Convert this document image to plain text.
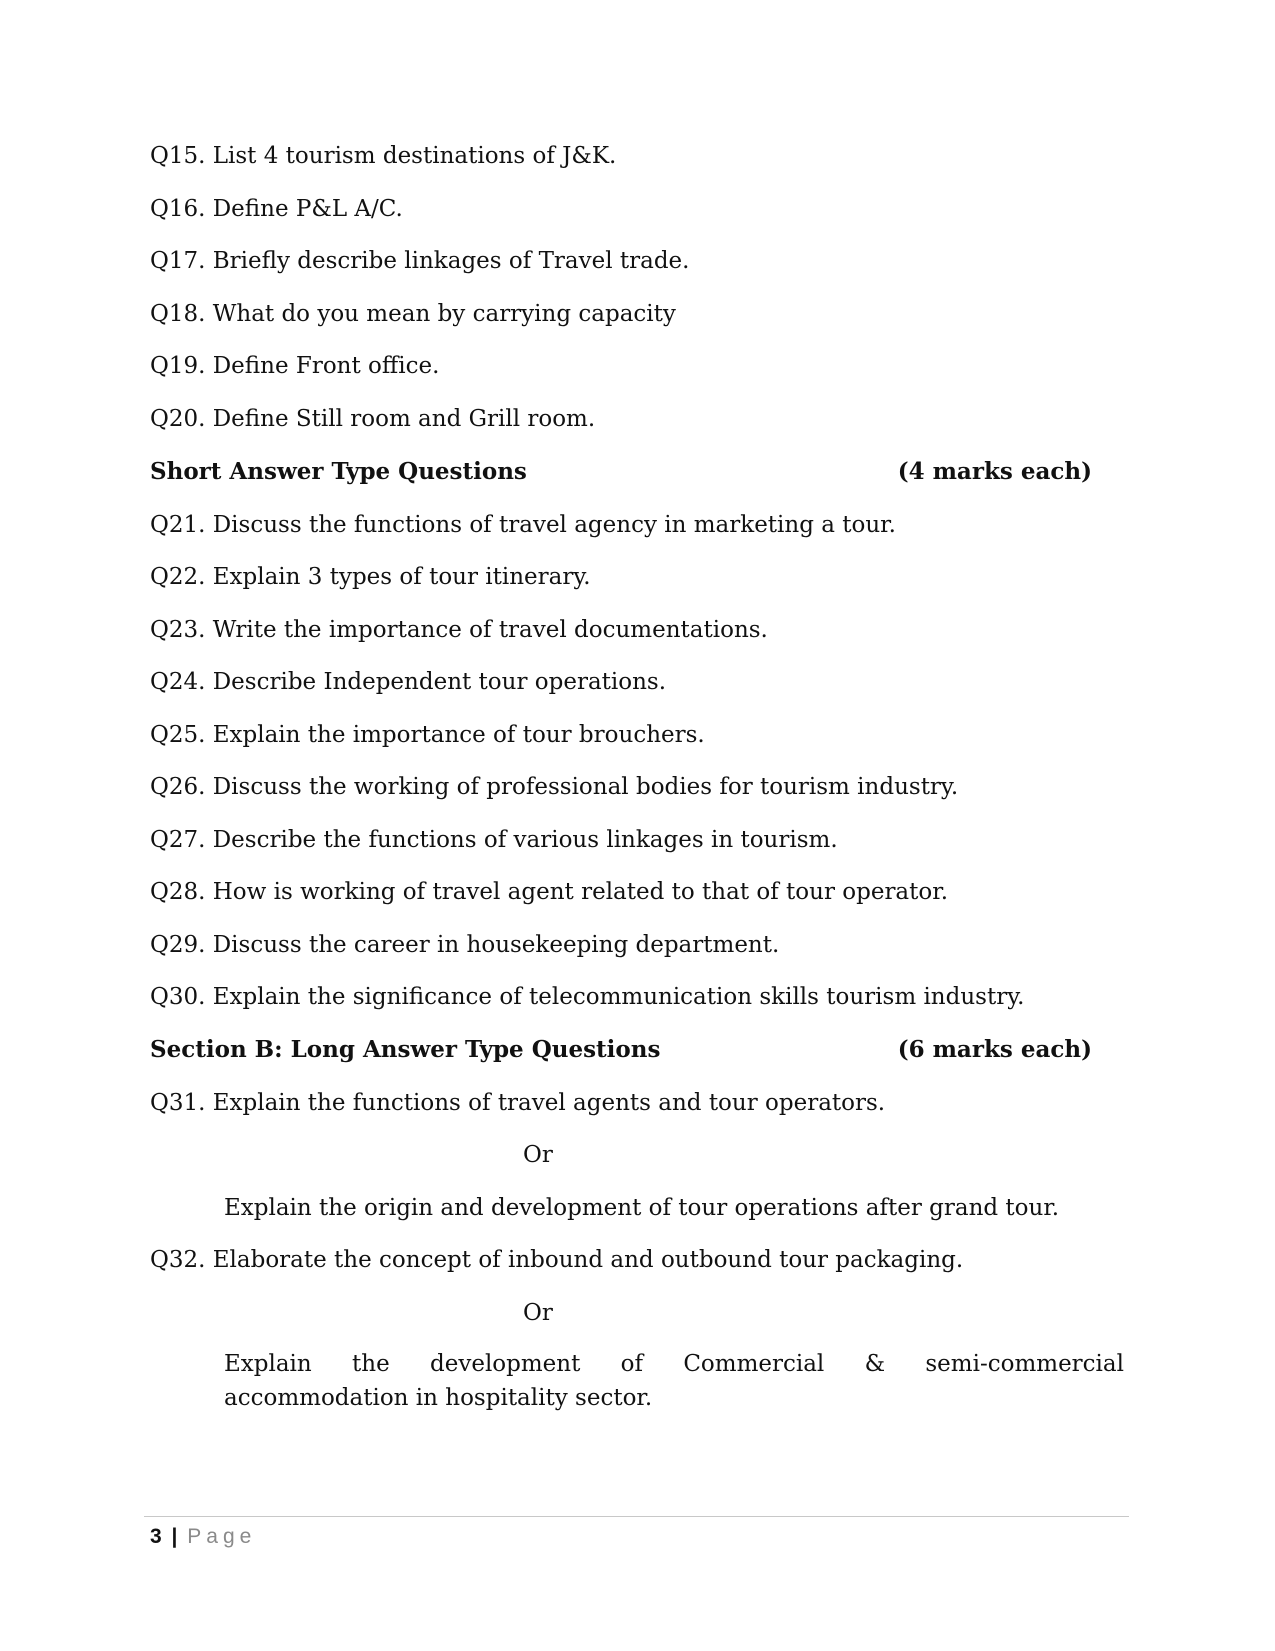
Q15. List 4 tourism destinations of J&K.
Q16. Define P&L A/C.
Q17. Briefly describe linkages of Travel trade.
Q18. What do you mean by carrying capacity
Q19. Define Front office.
Q20. Define Still room and Grill room.
Short Answer Type Questions	(4 marks each)
Q21. Discuss the functions of travel agency in marketing a tour.
Q22. Explain 3 types of tour itinerary.
Q23. Write the importance of travel documentations.
Q24. Describe Independent tour operations.
Q25. Explain the importance of tour brouchers.
Q26. Discuss the working of professional bodies for tourism industry.
Q27. Describe the functions of various linkages in tourism.
Q28. How is working of travel agent related to that of tour operator.
Q29. Discuss the career in housekeeping department.
Q30. Explain the significance of telecommunication skills tourism industry.
Section B: Long Answer Type Questions	(6 marks each)
Q31. Explain the functions of travel agents and tour operators.
Or
Explain the origin and development of tour operations after grand tour.
Q32. Elaborate the concept of inbound and outbound tour packaging.
Or
Explain the development of Commercial & semi-commercial
accommodation in hospitality sector.
3 | Page
